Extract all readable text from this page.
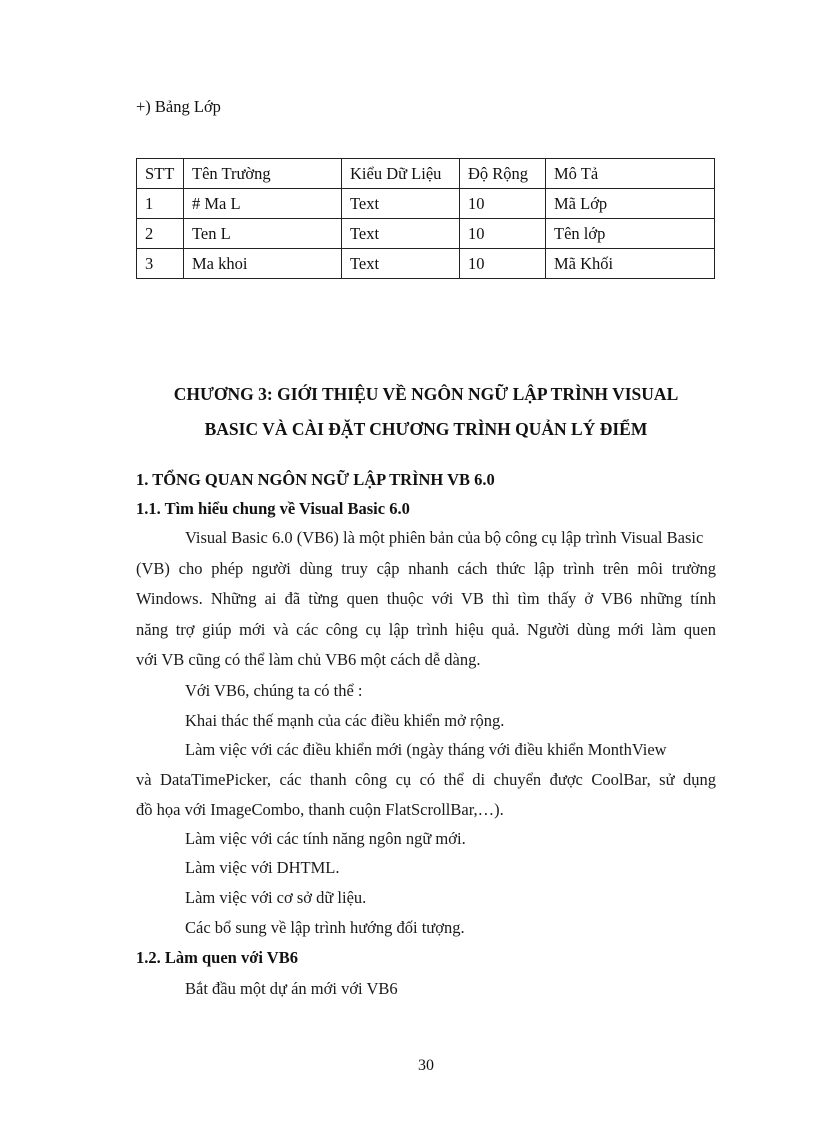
+) Bảng Lớp
STT	Tên Trường	Kiểu Dữ Liệu	Độ Rộng	Mô Tả
1	# Ma L	Text	10	Mã Lớp
2	Ten L	Text	10	Tên lớp
3	Ma khoi	Text	10	Mã Khối
CHƯƠNG 3: GIỚI THIỆU VỀ NGÔN NGỮ LẬP TRÌNH VISUAL
BASIC VÀ CÀI ĐẶT CHƯƠNG TRÌNH QUẢN LÝ ĐIỂM
1. TỔNG QUAN NGÔN NGỮ LẬP TRÌNH VB 6.0
1.1. Tìm hiểu chung về Visual Basic 6.0
Visual Basic 6.0 (VB6) là một phiên bản của bộ công cụ lập trình Visual Basic
(VB) cho phép người dùng truy cập nhanh cách thức lập trình trên môi trường
Windows. Những ai đã từng quen thuộc với VB thì tìm thấy ở VB6 những tính
năng trợ giúp mới và các công cụ lập trình hiệu quả. Người dùng mới làm quen
với VB cũng có thể làm chủ VB6 một cách dễ dàng.
Với VB6, chúng ta có thể :
Khai thác thế mạnh của các điều khiển mở rộng.
Làm việc với các điều khiển mới (ngày tháng với điều khiển MonthView
và DataTimePicker, các thanh công cụ có thể di chuyển được CoolBar, sử dụng
đồ họa với ImageCombo, thanh cuộn FlatScrollBar,…).
Làm việc với các tính năng ngôn ngữ mới.
Làm việc với DHTML.
Làm việc với cơ sở dữ liệu.
Các bổ sung về lập trình hướng đối tượng.
1.2. Làm quen với VB6
Bắt đầu một dự án mới với VB6
30
